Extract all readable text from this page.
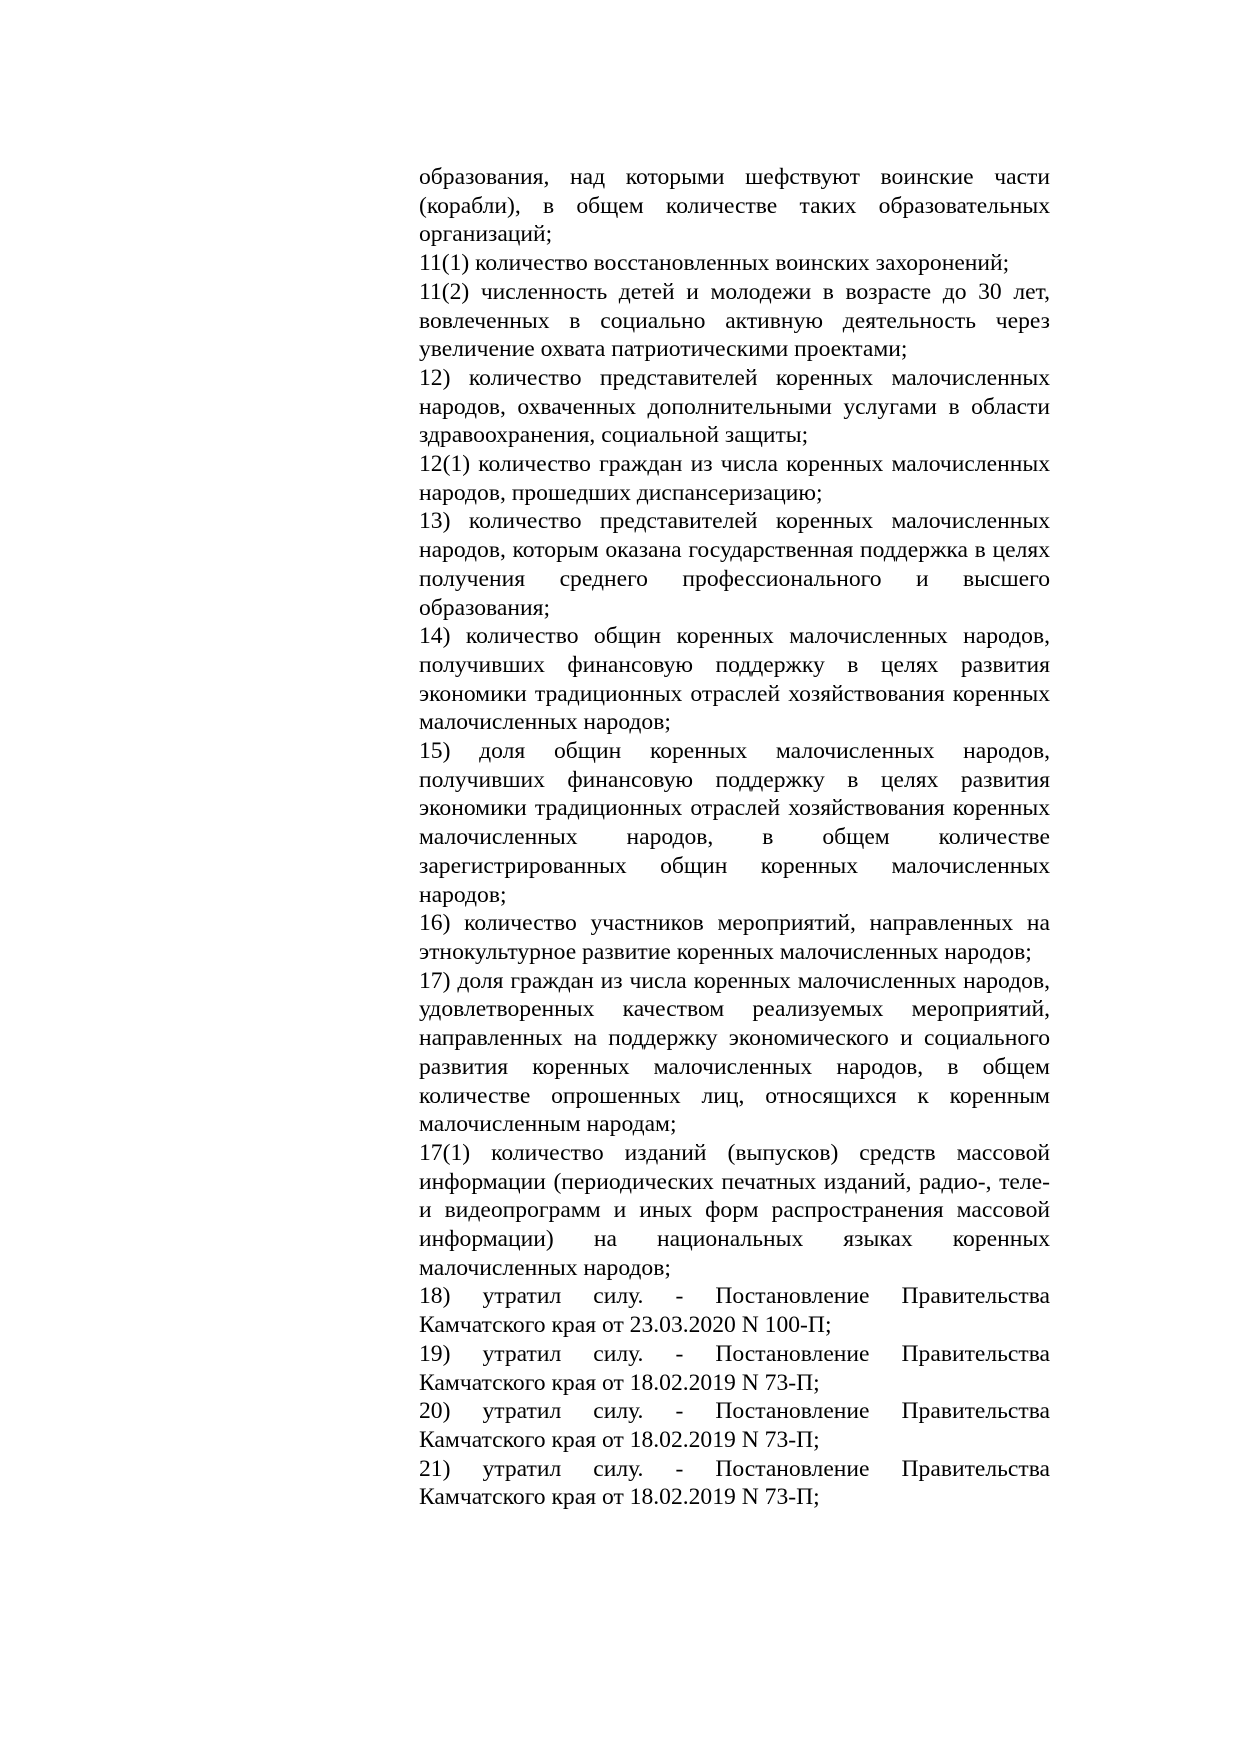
образования, над которыми шефствуют воинские части (корабли), в общем количестве таких образовательных организаций;

11(1) количество восстановленных воинских захоронений;

11(2) численность детей и молодежи в возрасте до 30 лет, вовлеченных в социально активную деятельность через увеличение охвата патриотическими проектами;

12) количество представителей коренных малочисленных народов, охваченных дополнительными услугами в области здравоохранения, социальной защиты;

12(1) количество граждан из числа коренных малочисленных народов, прошедших диспансеризацию;

13) количество представителей коренных малочисленных народов, которым оказана государственная поддержка в целях получения среднего профессионального и высшего образования;

14) количество общин коренных малочисленных народов, получивших финансовую поддержку в целях развития экономики традиционных отраслей хозяйствования коренных малочисленных народов;

15) доля общин коренных малочисленных народов, получивших финансовую поддержку в целях развития экономики традиционных отраслей хозяйствования коренных малочисленных народов, в общем количестве зарегистрированных общин коренных малочисленных народов;

16) количество участников мероприятий, направленных на этнокультурное развитие коренных малочисленных народов;

17) доля граждан из числа коренных малочисленных народов, удовлетворенных качеством реализуемых мероприятий, направленных на поддержку экономического и социального развития коренных малочисленных народов, в общем количестве опрошенных лиц, относящихся к коренным малочисленным народам;

17(1) количество изданий (выпусков) средств массовой информации (периодических печатных изданий, радио-, теле- и видеопрограмм и иных форм распространения массовой информации) на национальных языках коренных малочисленных народов;

18) утратил силу. - Постановление Правительства Камчатского края от 23.03.2020 N 100-П;

19) утратил силу. - Постановление Правительства Камчатского края от 18.02.2019 N 73-П;

20) утратил силу. - Постановление Правительства Камчатского края от 18.02.2019 N 73-П;

21) утратил силу. - Постановление Правительства Камчатского края от 18.02.2019 N 73-П;
